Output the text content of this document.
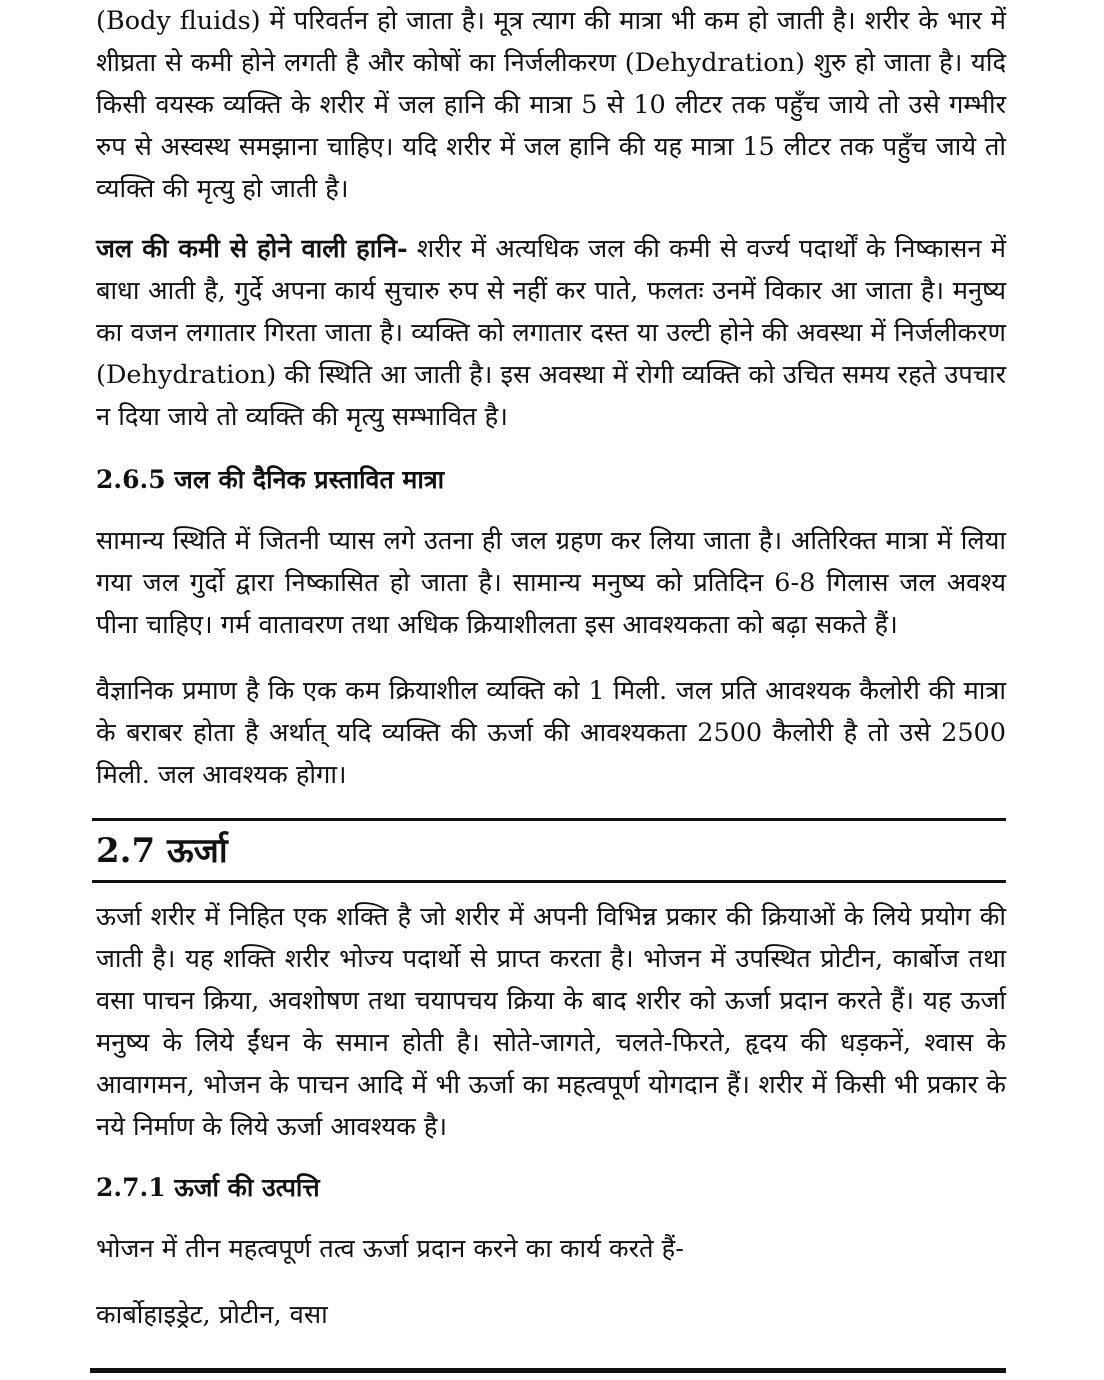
(Body fluids) में परिवर्तन हो जाता है। मूत्र त्याग की मात्रा भी कम हो जाती है। शरीर के भार में शीघ्रता से कमी होने लगती है और कोषों का निर्जलीकरण (Dehydration) शुरु हो जाता है। यदि किसी वयस्क व्यक्ति के शरीर में जल हानि की मात्रा 5 से 10 लीटर तक पहुँच जाये तो उसे गम्भीर रुप से अस्वस्थ समझाना चाहिए। यदि शरीर में जल हानि की यह मात्रा 15 लीटर तक पहुँच जाये तो व्यक्ति की मृत्यु हो जाती है।

जल की कमी से होने वाली हानि- शरीर में अत्यधिक जल की कमी से वर्ज्य पदार्थों के निष्कासन में बाधा आती है, गुर्दे अपना कार्य सुचारु रुप से नहीं कर पाते, फलतः उनमें विकार आ जाता है। मनुष्य का वजन लगातार गिरता जाता है। व्यक्ति को लगातार दस्त या उल्टी होने की अवस्था में निर्जलीकरण (Dehydration) की स्थिति आ जाती है। इस अवस्था में रोगी व्यक्ति को उचित समय रहते उपचार न दिया जाये तो व्यक्ति की मृत्यु सम्भावित है।

2.6.5 जल की दैनिक प्रस्तावित मात्रा

सामान्य स्थिति में जितनी प्यास लगे उतना ही जल ग्रहण कर लिया जाता है। अतिरिक्त मात्रा में लिया गया जल गुर्दो द्वारा निष्कासित हो जाता है। सामान्य मनुष्य को प्रतिदिन 6-8 गिलास जल अवश्य पीना चाहिए। गर्म वातावरण तथा अधिक क्रियाशीलता इस आवश्यकता को बढ़ा सकते हैं।

वैज्ञानिक प्रमाण है कि एक कम क्रियाशील व्यक्ति को 1 मिली. जल प्रति आवश्यक कैलोरी की मात्रा के बराबर होता है अर्थात् यदि व्यक्ति की ऊर्जा की आवश्यकता 2500 कैलोरी है तो उसे 2500 मिली. जल आवश्यक होगा।

2.7 ऊर्जा

ऊर्जा शरीर में निहित एक शक्ति है जो शरीर में अपनी विभिन्न प्रकार की क्रियाओं के लिये प्रयोग की जाती है। यह शक्ति शरीर भोज्य पदार्थो से प्राप्त करता है। भोजन में उपस्थित प्रोटीन, कार्बोज तथा वसा पाचन क्रिया, अवशोषण तथा चयापचय क्रिया के बाद शरीर को ऊर्जा प्रदान करते हैं। यह ऊर्जा मनुष्य के लिये ईंधन के समान होती है। सोते-जागते, चलते-फिरते, हृदय की धड़कनें, श्वास के आवागमन, भोजन के पाचन आदि में भी ऊर्जा का महत्वपूर्ण योगदान हैं। शरीर में किसी भी प्रकार के नये निर्माण के लिये ऊर्जा आवश्यक है।

2.7.1 ऊर्जा की उत्पत्ति

भोजन में तीन महत्वपूर्ण तत्व ऊर्जा प्रदान करने का कार्य करते हैं-

कार्बोहाइड्रेट, प्रोटीन, वसा
